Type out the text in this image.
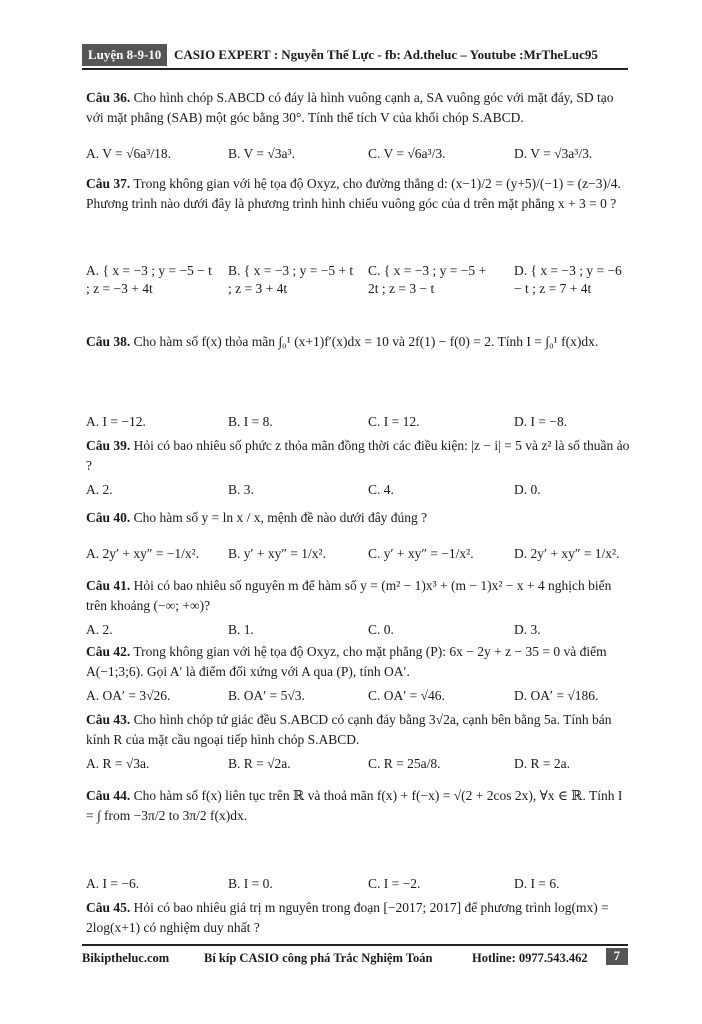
Luyện 8-9-10 CASIO EXPERT : Nguyễn Thế Lực - fb: Ad.theluc – Youtube :MrTheLuc95
Câu 36. Cho hình chóp S.ABCD có đáy là hình vuông cạnh a, SA vuông góc với mặt đáy, SD tạo với mặt phẳng (SAB) một góc bằng 30°. Tính thể tích V của khối chóp S.ABCD.
A. V = √6a³/18.	B. V = √3a³.	C. V = √6a³/3.	D. V = √3a³/3.
Câu 37. Trong không gian với hệ tọa độ Oxyz, cho đường thẳng d: (x−1)/2 = (y+5)/(−1) = (z−3)/4. Phương trình nào dưới đây là phương trình hình chiếu vuông góc của d trên mặt phẳng x + 3 = 0 ?
A. { x = −3 ; y = −5 − t ; z = −3 + 4t
B. { x = −3 ; y = −5 + t ; z = 3 + 4t
C. { x = −3 ; y = −5 + 2t ; z = 3 − t
D. { x = −3 ; y = −6 − t ; z = 7 + 4t
Câu 38. Cho hàm số f(x) thỏa mãn ∫₀¹ (x+1)f′(x)dx = 10 và 2f(1) − f(0) = 2. Tính I = ∫₀¹ f(x)dx.
A. I = −12.	B. I = 8.	C. I = 12.	D. I = −8.
Câu 39. Hỏi có bao nhiêu số phức z thỏa mãn đồng thời các điều kiện: |z − i| = 5 và z² là số thuần ảo ?
A. 2.	B. 3.	C. 4.	D. 0.
Câu 40. Cho hàm số y = ln x / x, mệnh đề nào dưới đây đúng ?
A. 2y′ + xy″ = −1/x². B. y′ + xy″ = 1/x².	C. y′ + xy″ = −1/x².	D. 2y′ + xy″ = 1/x².
Câu 41. Hỏi có bao nhiêu số nguyên m để hàm số y = (m² − 1)x³ + (m − 1)x² − x + 4 nghịch biến trên khoảng (−∞; +∞)?
A. 2.	B. 1.	C. 0.	D. 3.
Câu 42. Trong không gian với hệ tọa độ Oxyz, cho mặt phẳng (P): 6x − 2y + z − 35 = 0 và điểm A(−1;3;6). Gọi A′ là điểm đối xứng với A qua (P), tính OA′.
A. OA′ = 3√26.	B. OA′ = 5√3.	C. OA′ = √46.	D. OA′ = √186.
Câu 43. Cho hình chóp tứ giác đều S.ABCD có cạnh đáy bằng 3√2a, cạnh bên bằng 5a. Tính bán kính R của mặt cầu ngoại tiếp hình chóp S.ABCD.
A. R = √3a.	B. R = √2a.	C. R = 25a/8.	D. R = 2a.
Câu 44. Cho hàm số f(x) liên tục trên ℝ và thoả mãn f(x) + f(−x) = √(2 + 2cos 2x), ∀x ∈ ℝ. Tính I = ∫ from −3π/2 to 3π/2 f(x)dx.
A. I = −6.	B. I = 0.	C. I = −2.	D. I = 6.
Câu 45. Hỏi có bao nhiêu giá trị m nguyên trong đoạn [−2017; 2017] để phương trình log(mx) = 2log(x+1) có nghiệm duy nhất ?
Bikiptheluc.com	Bí kíp CASIO công phá Trắc Nghiệm Toán	Hotline: 0977.543.462	7
